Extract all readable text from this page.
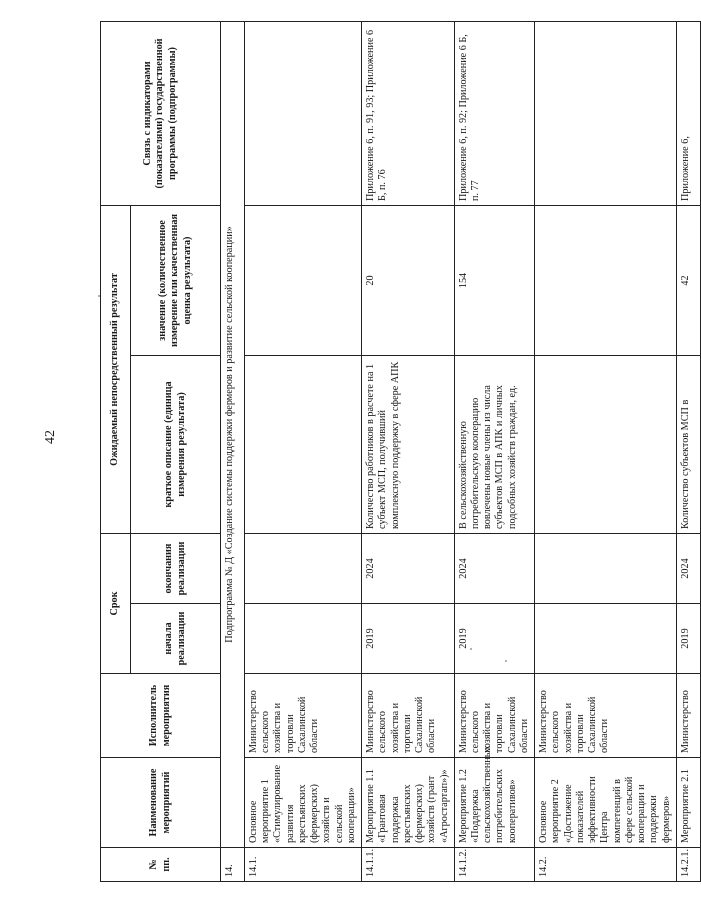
42
№ пп.	Наименование мероприятий	Исполнитель мероприятия	Срок		Ожидаемый непосредственный результат		Связь с индикаторами (показателями) государственной программы (подпрограммы)
			начала реализации	окончания реализации	краткое описание (единица измерения результата)	значение (количественное измерение или качественная оценка результата)	
14.	Подпрограмма № Д «Создание системы поддержки фермеров и развитие сельской кооперации»						
14.1.	Основное мероприятие 1 «Стимулирование развития крестьянских (фермерских) хозяйств и сельской кооперации»	Министерство сельского хозяйства и торговли Сахалинской области					
14.1.1.	Мероприятие 1.1 «Грантовая поддержка крестьянских (фермерских) хозяйств (грант «Агростартап»)»	Министерство сельского хозяйства и торговли Сахалинской области	2019	2024	Количество работников в расчете на 1 субъект МСП, получивший комплексную поддержку в сфере АПК	20	Приложение 6, п. 91, 93; Приложение 6 Б, п. 76
14.1.2.	Мероприятие 1.2 «Поддержка сельскохозяйственных потребительских кооперативов»	Министерство сельского хозяйства и торговли Сахалинской области	2019	2024	В сельскохозяйственную потребительскую кооперацию вовлечены новые члены из числа субъектов МСП в АПК и личных подсобных хозяйств граждан, ед.	154	Приложение 6, п. 92; Приложение 6 Б, п. 77
14.2.	Основное мероприятие 2 «Достижение показателей эффективности Центра компетенций в сфере сельской кооперации и поддержки фермеров»	Министерство сельского хозяйства и торговли Сахалинской области					
14.2.1.	Мероприятие 2.1	Министерство	2019	2024	Количество субъектов МСП в	42	Приложение 6,
